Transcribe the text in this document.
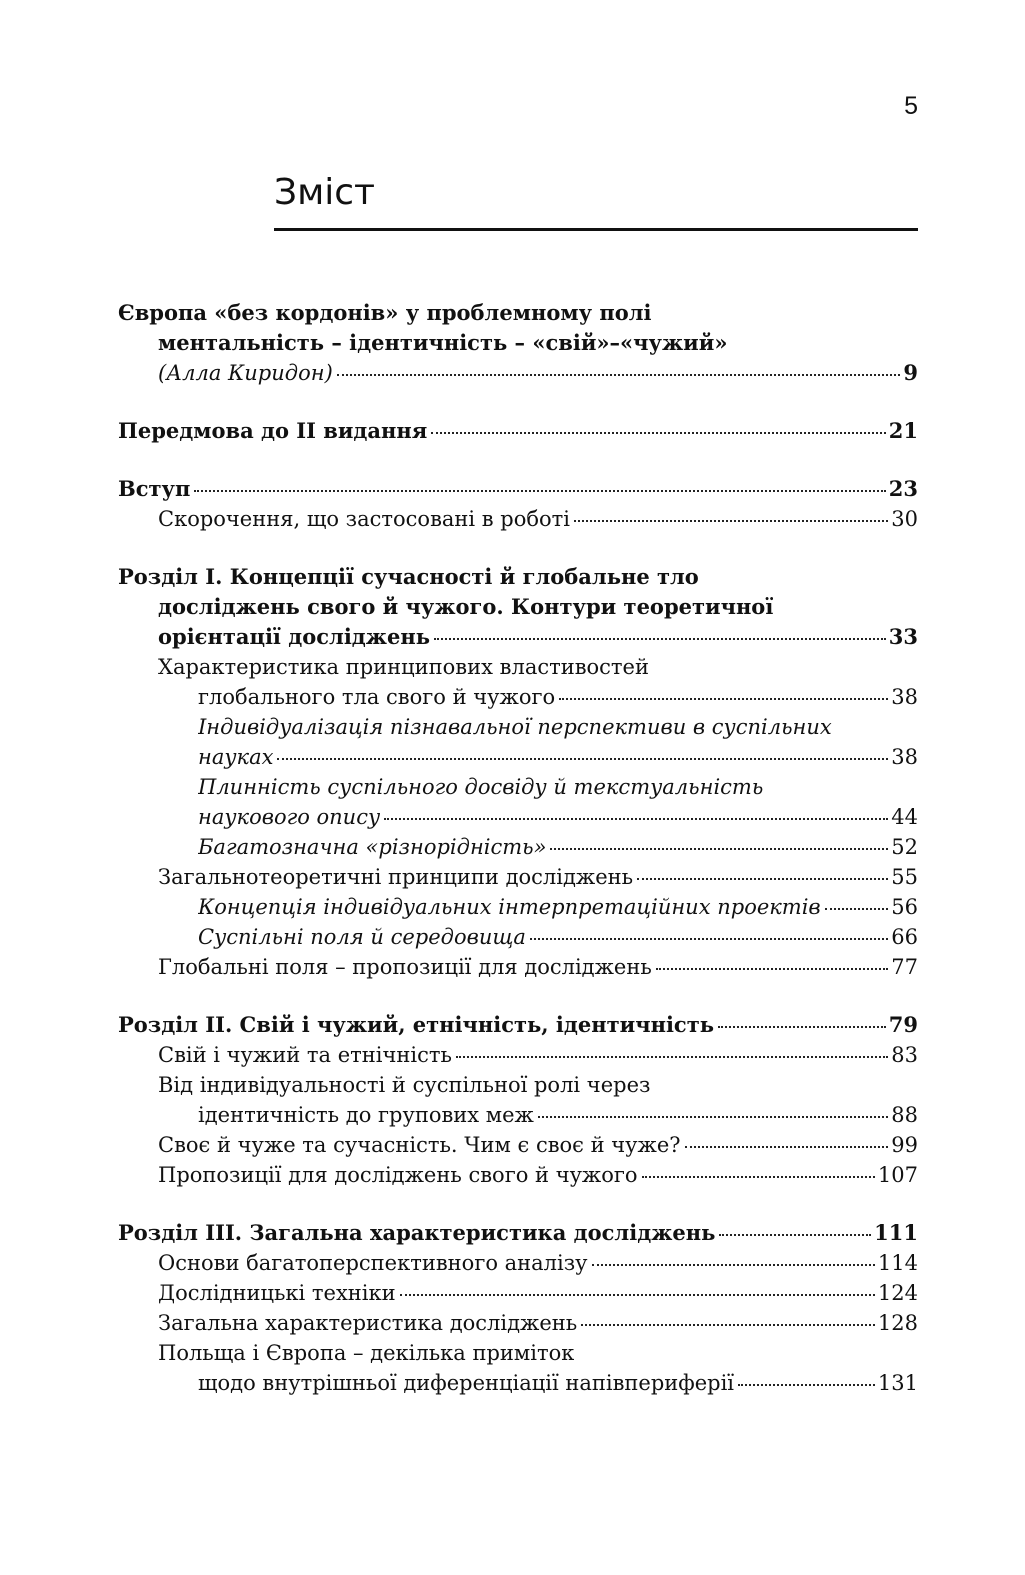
5
Зміст
Європа «без кордонів» у проблемному полі
ментальність – ідентичність – «свій»–«чужий»
(Алла Киридон)	9
Передмова до ІІ видання	21
Вступ	23
Скорочення, що застосовані в роботі	30
Розділ І. Концепції сучасності й глобальне тло
досліджень свого й чужого. Контури теоретичної
орієнтації досліджень	33
Характеристика принципових властивостей
глобального тла свого й чужого	38
Індивідуалізація пізнавальної перспективи в суспільних
науках	38
Плинність суспільного досвіду й текстуальність
наукового опису	44
Багатозначна «різнорідність»	52
Загальнотеоретичні принципи досліджень	55
Концепція індивідуальних інтерпретаційних проектів	56
Суспільні поля й середовища	66
Глобальні поля – пропозиції для досліджень	77
Розділ ІІ. Свій і чужий, етнічність, ідентичність	79
Свій і чужий та етнічність	83
Від індивідуальності й суспільної ролі через
ідентичність до групових меж	88
Своє й чуже та сучасність. Чим є своє й чуже?	99
Пропозиції для досліджень свого й чужого	107
Розділ ІІІ. Загальна характеристика досліджень	111
Основи багатоперспективного аналізу	114
Дослідницькі техніки	124
Загальна характеристика досліджень	128
Польща і Європа – декілька приміток
щодо внутрішньої диференціації напівпериферії	131
